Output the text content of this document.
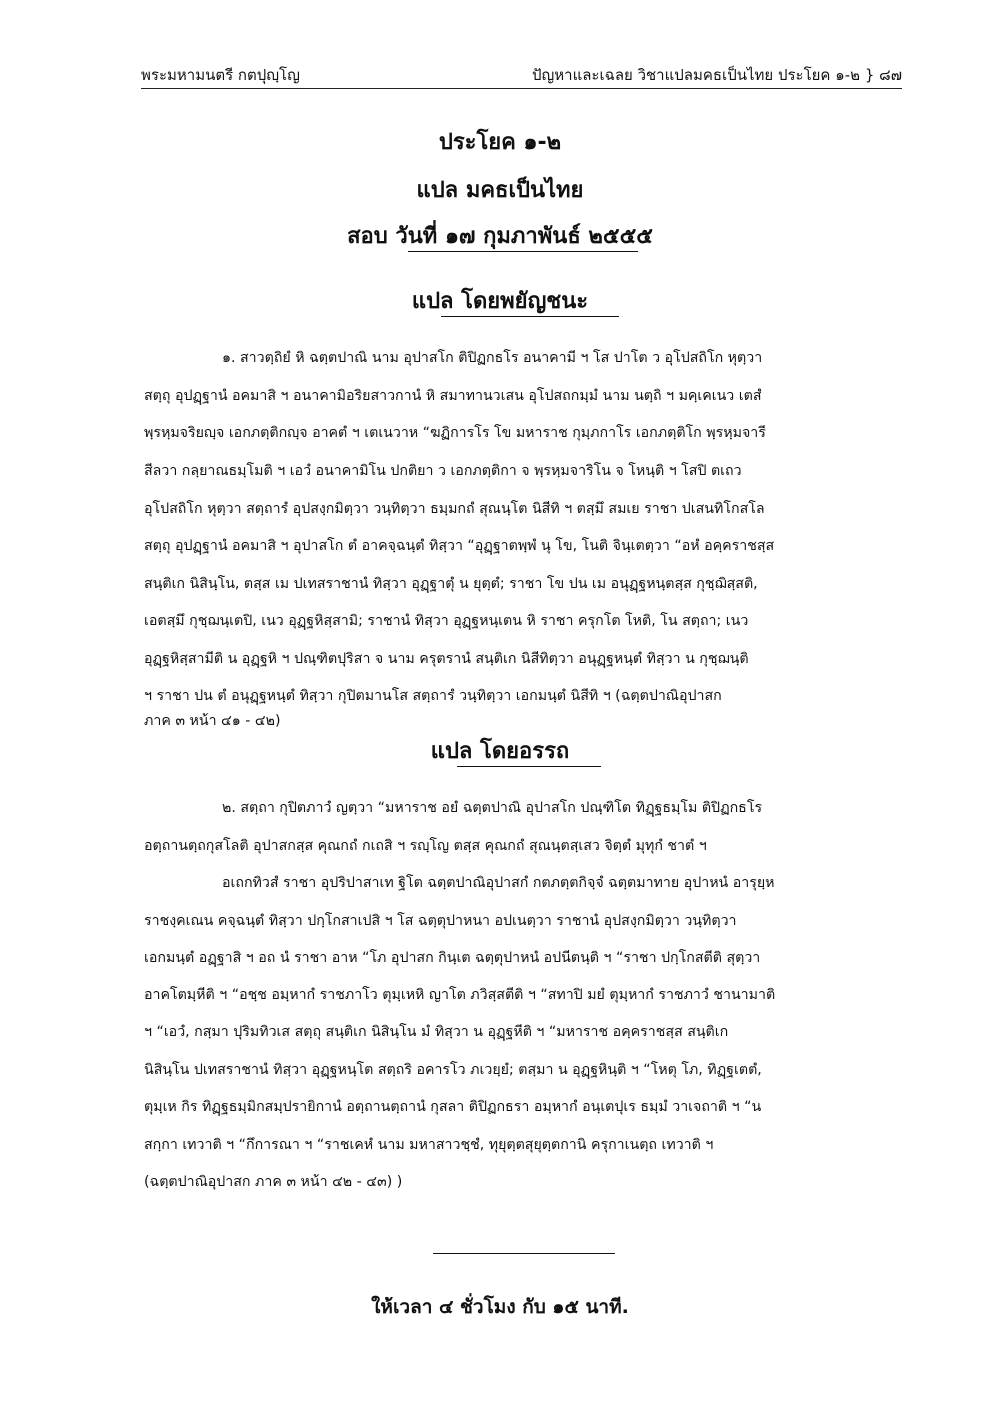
พระมหามนตรี กตปุญฺโญ	ปัญหาและเฉลย วิชาแปลมคธเป็นไทย ประโยค ๑-๒ } ๘๗
ประโยค ๑-๒
แปล มคธเป็นไทย
สอบ วันที่ ๑๗ กุมภาพันธ์ ๒๕๕๕
แปล โดยพยัญชนะ
๑. สาวตฺถิยํ หิ ฉตฺตปาณิ นาม อุปาสโก ติปิฏกธโร อนาคามี ฯ โส ปาโต ว อุโปสถิโก หุตฺวา
สตฺถุ อุปฏฺฐานํ อคมาสิ ฯ อนาคามิอริยสาวกานํ หิ สมาทานวเสน อุโปสถกมฺมํ นาม นตฺถิ ฯ มคฺเคเนว เตสํ
พฺรหฺมจริยญฺจ เอกภตฺติกญฺจ อาคตํ ฯ เตเนวาห “ฆฏิการโร โข มหาราช กุมฺภกาโร เอกภตฺติโก พฺรหฺมจารี
สีลวา กลฺยาณธมฺโมติ ฯ เอวํ อนาคามิโน ปกติยา ว เอกภตฺติกา จ พฺรหฺมจาริโน จ โหนฺติ ฯ โสปิ ตเถว
อุโปสถิโก หุตฺวา สตฺถารํ อุปสงฺกมิตฺวา วนฺทิตฺวา ธมฺมกถํ สุณนฺโต นิสีทิ ฯ ตสฺมึ สมเย ราชา ปเสนทิโกสโล
สตฺถุ อุปฏฺฐานํ อคมาสิ ฯ อุปาสโก ตํ อาคจฺฉนฺตํ ทิสฺวา “อุฏฺฐาตพฺพํ นุ โข, โนติ จินฺเตตฺวา “อหํ อคฺคราชสฺส
สนฺติเก นิสินฺโน, ตสฺส เม ปเทสราชานํ ทิสฺวา อุฏฺฐาตุํ น ยุตฺตํ; ราชา โข ปน เม อนุฏฺฐหนฺตสฺส กุชฺฌิสฺสติ,
เอตสฺมึ กุชฺฌนฺเตปิ, เนว อุฏฺฐหิสฺสามิ; ราชานํ ทิสฺวา อุฏฺฐหนฺเตน หิ ราชา ครุกโต โหติ, โน สตฺถา; เนว
อุฏฺฐหิสฺสามีติ น อุฏฺฐหิ ฯ ปณฺฑิตปุริสา จ นาม ครุตรานํ สนฺติเก นิสีทิตฺวา อนุฏฺฐหนฺตํ ทิสฺวา น กุชฺฌนฺติ
ฯ ราชา ปน ตํ อนุฏฺฐหนฺตํ ทิสฺวา กุปิตมานโส สตฺถารํ วนฺทิตฺวา เอกมนฺตํ นิสีทิ ฯ (ฉตฺตปาณิอุปาสก
ภาค ๓ หน้า ๔๑ - ๔๒)
แปล โดยอรรถ
๒. สตฺถา กุปิตภาวํ ญตฺวา “มหาราช อยํ ฉตฺตปาณิ อุปาสโก ปณฺฑิโต ทิฏฺฐธมฺโม ติปิฏกธโร
อตฺถานตฺถกุสโลติ อุปาสกสฺส คุณกถํ กเถสิ ฯ รญฺโญ ตสฺส คุณกถํ สุณนฺตสฺเสว จิตฺตํ มุทุกํ ชาตํ ฯ
อเถกทิวสํ ราชา อุปริปาสาเท ฐิโต ฉตฺตปาณิอุปาสกํ กตภตฺตกิจฺจํ ฉตฺตมาทาย อุปาหนํ อารุยฺห
ราชงฺคเณน คจฺฉนฺตํ ทิสฺวา ปกฺโกสาเปสิ ฯ โส ฉตฺตุปาหนา อปเนตฺวา ราชานํ อุปสงฺกมิตฺวา วนฺทิตฺวา
เอกมนฺตํ อฏฺฐาสิ ฯ อถ นํ ราชา อาห “โภ อุปาสก กินฺเต ฉตฺตุปาหนํ อปนีตนฺติ ฯ “ราชา ปกฺโกสตีติ สุตฺวา
อาคโตมฺหีติ ฯ “อชฺช อมฺหากํ ราชภาโว ตุมฺเหหิ ญาโต ภวิสฺสตีติ ฯ “สทาปิ มยํ ตุมฺหากํ ราชภาวํ ชานามาติ
ฯ “เอวํ, กสฺมา ปุริมทิวเส สตฺถุ สนฺติเก นิสินฺโน มํ ทิสฺวา น อุฏฺฐหีติ ฯ “มหาราช อคฺคราชสฺส สนฺติเก
นิสินฺโน ปเทสราชานํ ทิสฺวา อุฏฺฐหนฺโต สตฺถริ อคารโว ภเวยฺยํ; ตสฺมา น อุฏฺฐหินฺติ ฯ “โหตุ โภ, ทิฏฺฐเตตํ,
ตุมฺเห กิร ทิฏฺฐธมฺมิกสมฺปรายิกานํ อตฺถานตฺถานํ กุสลา ติปิฏกธรา อมฺหากํ อนฺเตปุเร ธมฺมํ วาเจถาติ ฯ “น
สกฺกา เทวาติ ฯ “กึการณา ฯ “ราชเคหํ นาม มหาสาวชฺชํ, ทุยุตฺตสุยุตฺตกานิ ครุกาเนตฺถ เทวาติ ฯ
(ฉตฺตปาณิอุปาสก ภาค ๓ หน้า ๔๒ - ๔๓) )
ให้เวลา ๔ ชั่วโมง กับ ๑๕ นาที.
